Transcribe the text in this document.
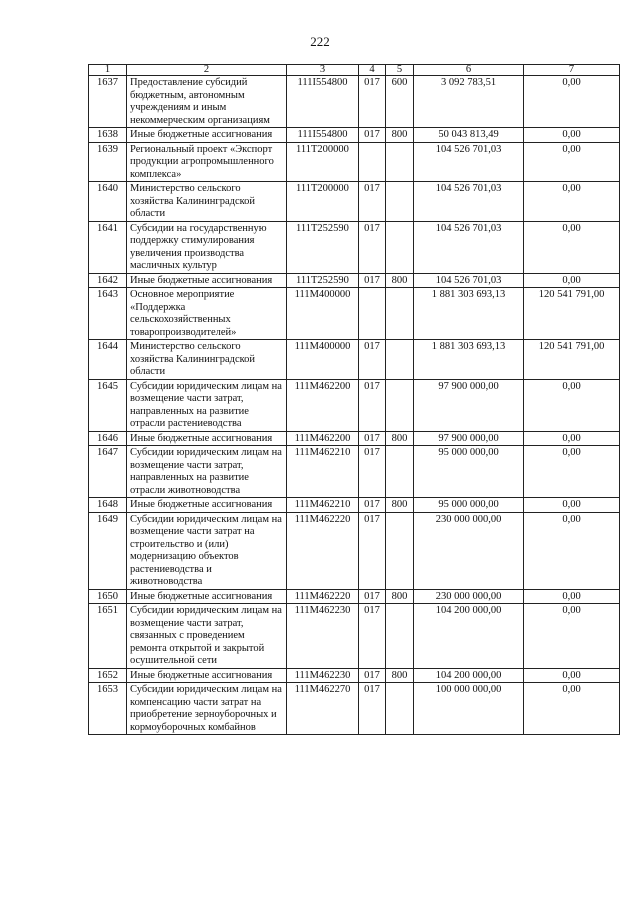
222
1	2	3	4	5	6	7
1637	Предоставление субсидий бюджетным, автономным учреждениям и иным некоммерческим организациям	111I554800	017	600	3 092 783,51	0,00
1638	Иные бюджетные ассигнования	111I554800	017	800	50 043 813,49	0,00
1639	Региональный проект «Экспорт продукции агропромышленного комплекса»	111T200000			104 526 701,03	0,00
1640	Министерство сельского хозяйства Калининградской области	111T200000	017		104 526 701,03	0,00
1641	Субсидии на государственную поддержку стимулирования увеличения производства масличных культур	111T252590	017		104 526 701,03	0,00
1642	Иные бюджетные ассигнования	111T252590	017	800	104 526 701,03	0,00
1643	Основное мероприятие «Поддержка сельскохозяйственных товаропроизводителей»	111M400000			1 881 303 693,13	120 541 791,00
1644	Министерство сельского хозяйства Калининградской области	111M400000	017		1 881 303 693,13	120 541 791,00
1645	Субсидии юридическим лицам на возмещение части затрат, направленных на развитие отрасли растениеводства	111M462200	017		97 900 000,00	0,00
1646	Иные бюджетные ассигнования	111M462200	017	800	97 900 000,00	0,00
1647	Субсидии юридическим лицам на возмещение части затрат, направленных на развитие отрасли животноводства	111M462210	017		95 000 000,00	0,00
1648	Иные бюджетные ассигнования	111M462210	017	800	95 000 000,00	0,00
1649	Субсидии юридическим лицам на возмещение части затрат на строительство и (или) модернизацию объектов растениеводства и животноводства	111M462220	017		230 000 000,00	0,00
1650	Иные бюджетные ассигнования	111M462220	017	800	230 000 000,00	0,00
1651	Субсидии юридическим лицам на возмещение части затрат, связанных с проведением ремонта открытой и закрытой осушительной сети	111M462230	017		104 200 000,00	0,00
1652	Иные бюджетные ассигнования	111M462230	017	800	104 200 000,00	0,00
1653	Субсидии юридическим лицам на компенсацию части затрат на приобретение зерноуборочных и кормоуборочных комбайнов	111M462270	017		100 000 000,00	0,00
